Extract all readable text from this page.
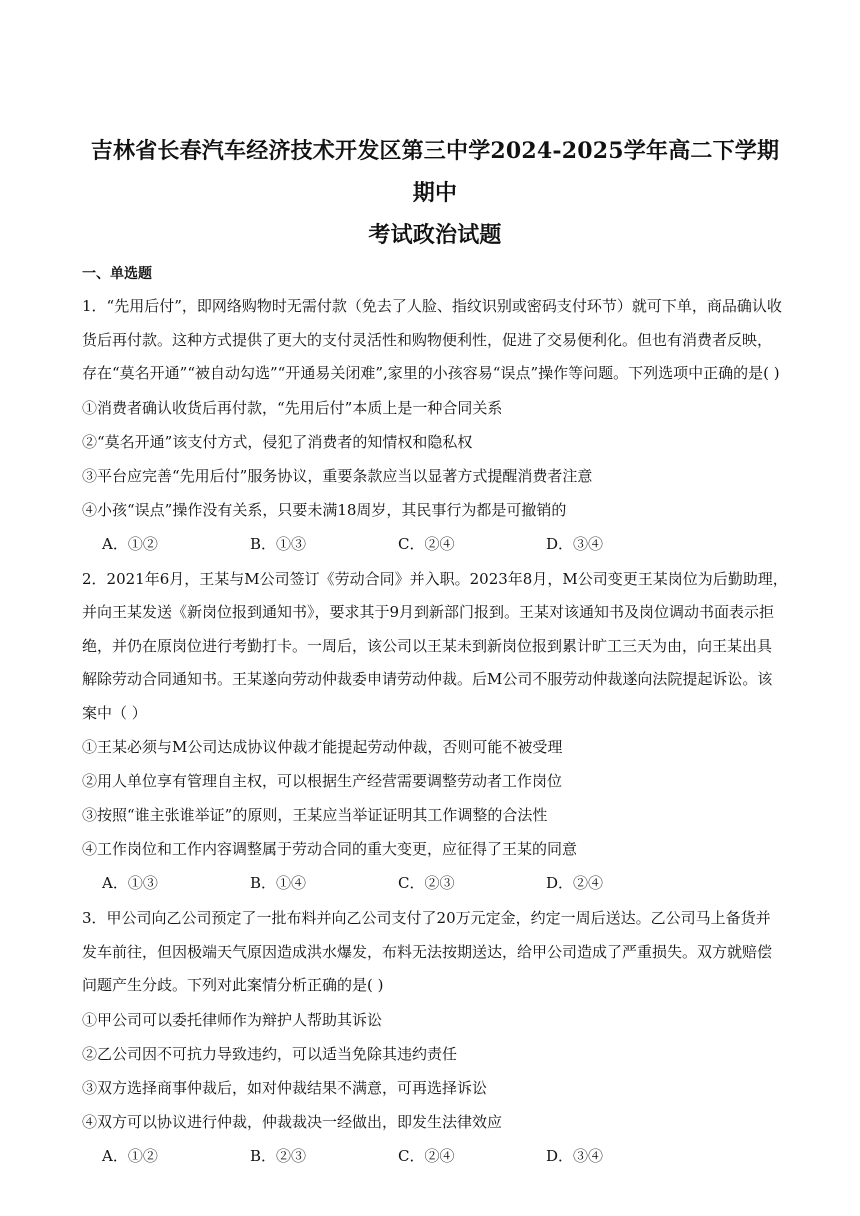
吉林省长春汽车经济技术开发区第三中学2024-2025学年高二下学期期中
考试政治试题
一、单选题

1．“先用后付”，即网络购物时无需付款（免去了人脸、指纹识别或密码支付环节）就可下单，商品确认收
货后再付款。这种方式提供了更大的支付灵活性和购物便利性，促进了交易便利化。但也有消费者反映，
存在“莫名开通”“被自动勾选”“开通易关闭难”,家里的小孩容易“误点”操作等问题。下列选项中正确的是( )

①消费者确认收货后再付款，“先用后付”本质上是一种合同关系
②“莫名开通”该支付方式，侵犯了消费者的知情权和隐私权
③平台应完善“先用后付”服务协议，重要条款应当以显著方式提醒消费者注意
④小孩“误点”操作没有关系，只要未满18周岁，其民事行为都是可撤销的
A．①②	B．①③	C．②④	D．③④

2．2021年6月，王某与M公司签订《劳动合同》并入职。2023年8月，M公司变更王某岗位为后勤助理，
并向王某发送《新岗位报到通知书》，要求其于9月到新部门报到。王某对该通知书及岗位调动书面表示拒
绝，并仍在原岗位进行考勤打卡。一周后，该公司以王某未到新岗位报到累计旷工三天为由，向王某出具
解除劳动合同通知书。王某遂向劳动仲裁委申请劳动仲裁。后M公司不服劳动仲裁遂向法院提起诉讼。该
案中（ ）

①王某必须与M公司达成协议仲裁才能提起劳动仲裁，否则可能不被受理
②用人单位享有管理自主权，可以根据生产经营需要调整劳动者工作岗位
③按照“谁主张谁举证”的原则，王某应当举证证明其工作调整的合法性
④工作岗位和工作内容调整属于劳动合同的重大变更，应征得了王某的同意
A．①③	B．①④	C．②③	D．②④

3．甲公司向乙公司预定了一批布料并向乙公司支付了20万元定金，约定一周后送达。乙公司马上备货并
发车前往，但因极端天气原因造成洪水爆发，布料无法按期送达，给甲公司造成了严重损失。双方就赔偿
问题产生分歧。下列对此案情分析正确的是( )

①甲公司可以委托律师作为辩护人帮助其诉讼
②乙公司因不可抗力导致违约，可以适当免除其违约责任
③双方选择商事仲裁后，如对仲裁结果不满意，可再选择诉讼
④双方可以协议进行仲裁，仲裁裁决一经做出，即发生法律效应
A．①②	B．②③	C．②④	D．③④
